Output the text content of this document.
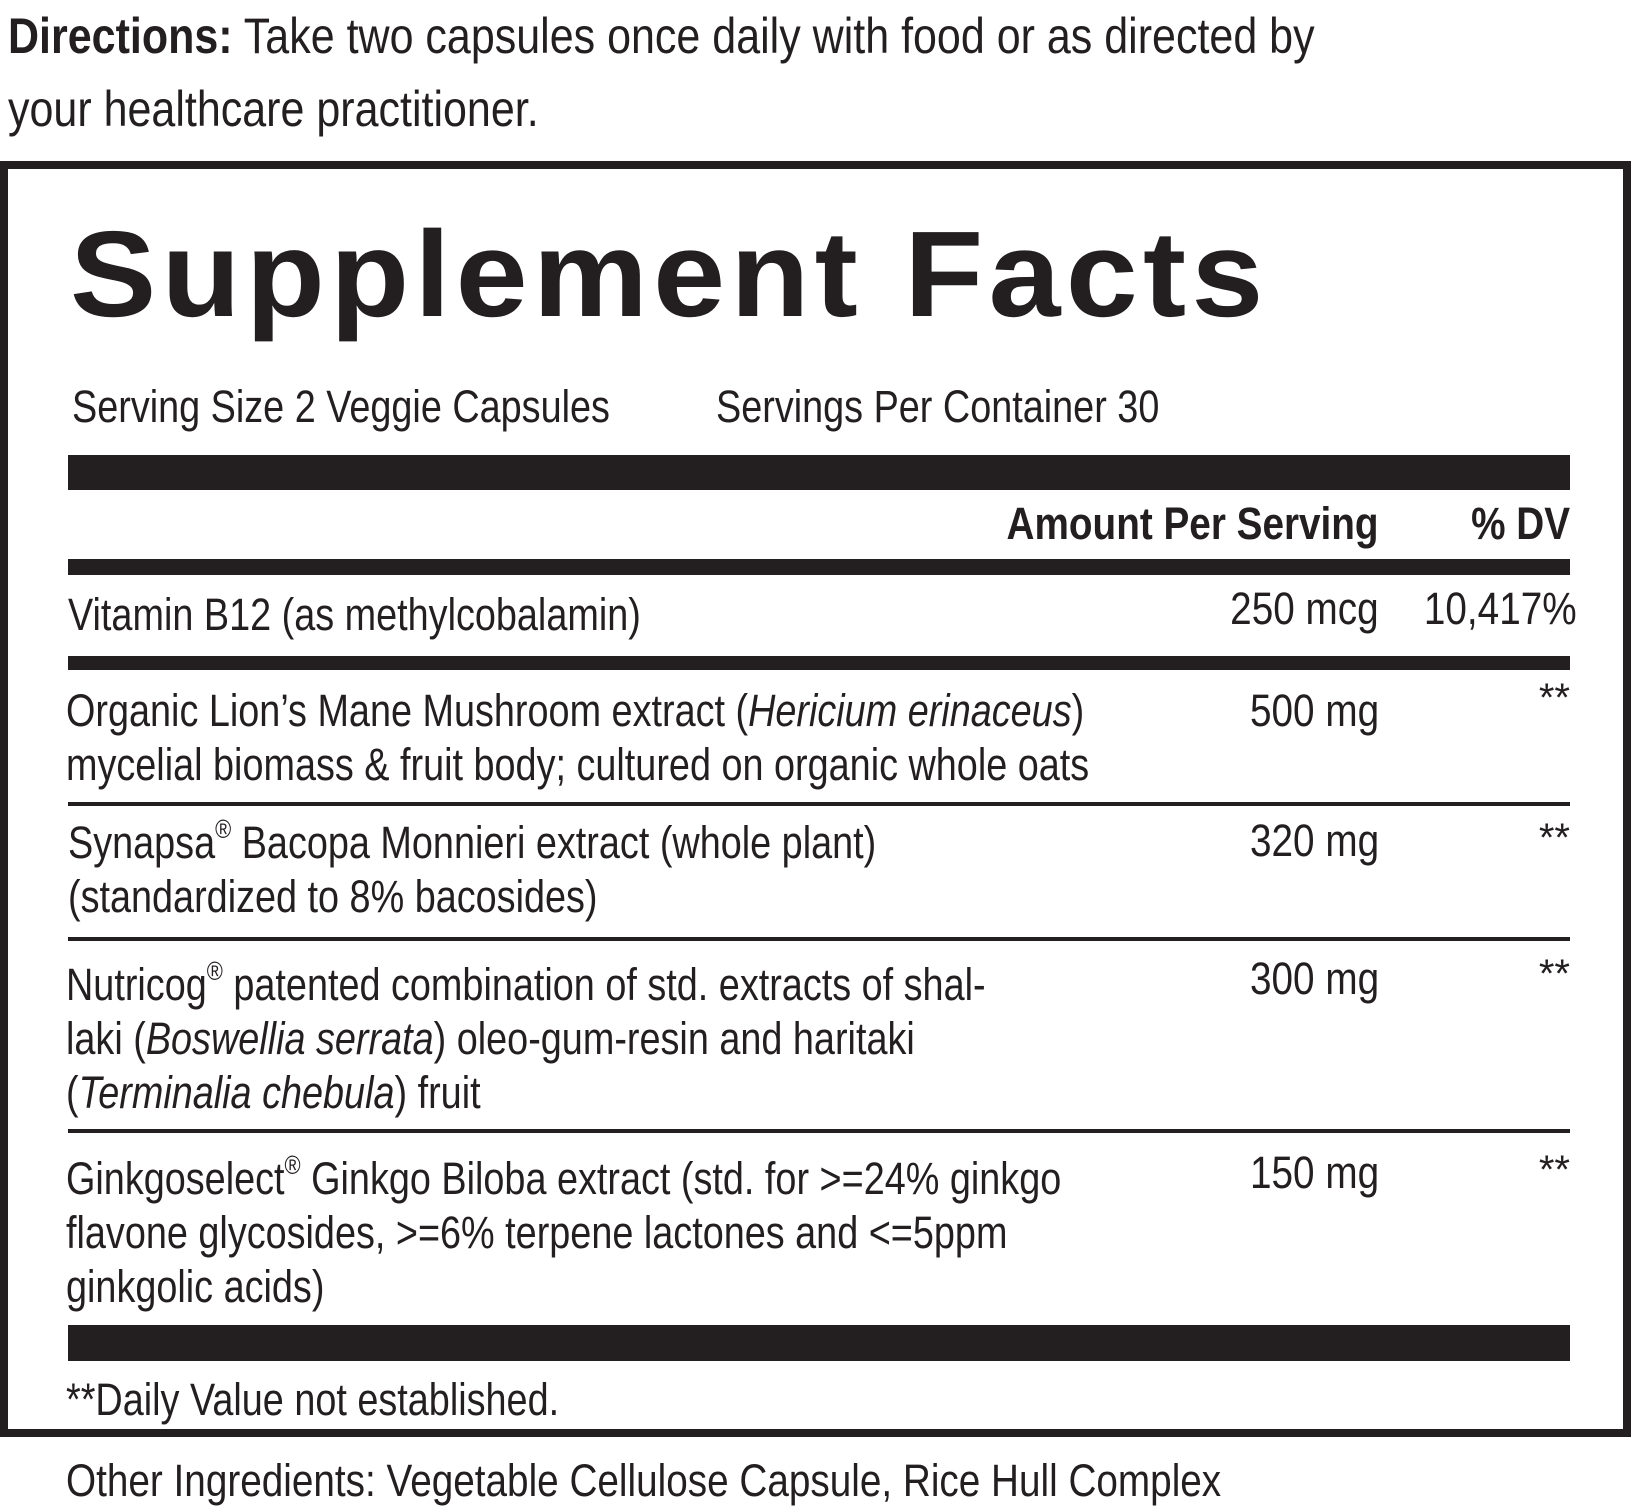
Directions: Take two capsules once daily with food or as directed by
your healthcare practitioner.
Supplement Facts
Serving Size 2 Veggie Capsules	Servings Per Container 30
Amount Per Serving	% DV
Vitamin B12 (as methylcobalamin)	250 mcg	10,417%
Organic Lion’s Mane Mushroom extract (Hericium erinaceus)
mycelial biomass & fruit body; cultured on organic whole oats
500 mg	**
Synapsa® Bacopa Monnieri extract (whole plant)
(standardized to 8% bacosides)
320 mg	**
Nutricog® patented combination of std. extracts of shal-
laki (Boswellia serrata) oleo-gum-resin and haritaki
(Terminalia chebula) fruit
300 mg	**
Ginkgoselect® Ginkgo Biloba extract (std. for >=24% ginkgo
flavone glycosides, >=6% terpene lactones and <=5ppm
ginkgolic acids)
150 mg	**
**Daily Value not established.
Other Ingredients: Vegetable Cellulose Capsule, Rice Hull Complex
